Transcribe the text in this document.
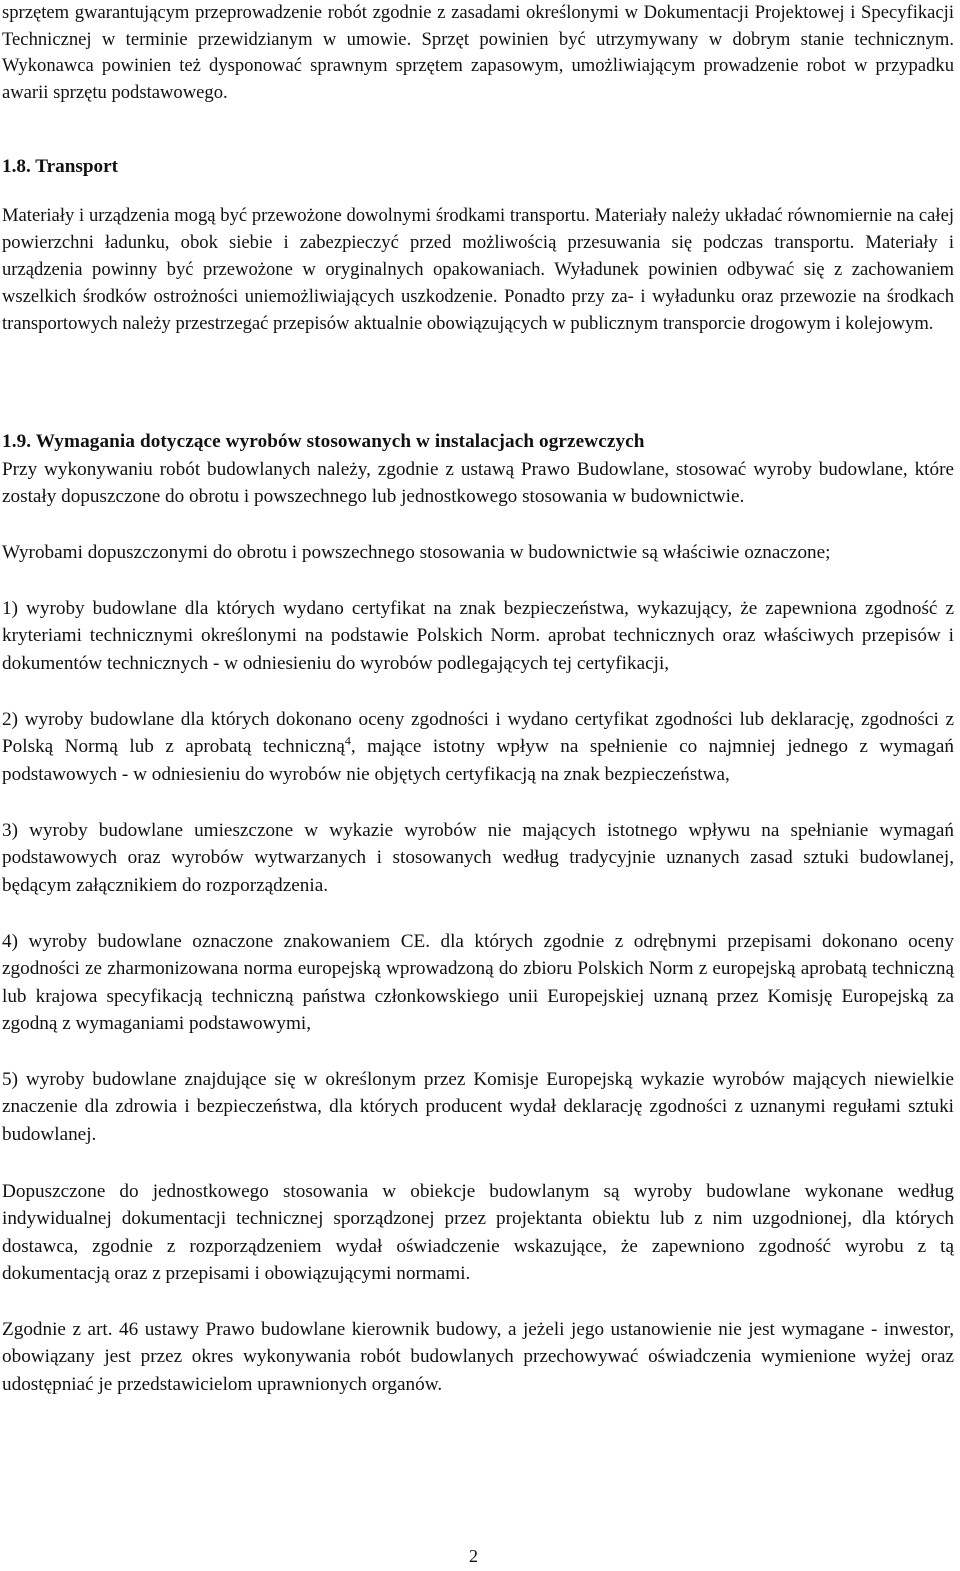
sprzętem gwarantującym przeprowadzenie robót zgodnie z zasadami określonymi w Dokumentacji Projektowej i Specyfikacji Technicznej w terminie przewidzianym w umowie. Sprzęt powinien być utrzymywany w dobrym stanie technicznym. Wykonawca powinien też dysponować sprawnym sprzętem zapasowym, umożliwiającym prowadzenie robot w przypadku awarii sprzętu podstawowego.

1.8. Transport

Materiały i urządzenia mogą być przewożone dowolnymi środkami transportu. Materiały należy układać równomiernie na całej powierzchni ładunku, obok siebie i zabezpieczyć przed możliwością przesuwania się podczas transportu. Materiały i urządzenia powinny być przewożone w oryginalnych opakowaniach. Wyładunek powinien odbywać się z zachowaniem wszelkich środków ostrożności uniemożliwiających uszkodzenie. Ponadto przy za- i wyładunku oraz przewozie na środkach transportowych należy przestrzegać przepisów aktualnie obowiązujących w publicznym transporcie drogowym i kolejowym.

1.9. Wymagania dotyczące wyrobów stosowanych w instalacjach ogrzewczych

Przy wykonywaniu robót budowlanych należy, zgodnie z ustawą Prawo Budowlane, stosować wyroby budowlane, które zostały dopuszczone do obrotu i powszechnego lub jednostkowego stosowania w budownictwie.

Wyrobami dopuszczonymi do obrotu i powszechnego stosowania w budownictwie są właściwie oznaczone;

1) wyroby budowlane dla których wydano certyfikat na znak bezpieczeństwa, wykazujący, że zapewniona zgodność z kryteriami technicznymi określonymi na podstawie Polskich Norm. aprobat technicznych oraz właściwych przepisów i dokumentów technicznych - w odniesieniu do wyrobów podlegających tej certyfikacji,

2) wyroby budowlane dla których dokonano oceny zgodności i wydano certyfikat zgodności lub deklarację, zgodności z Polską Normą lub z aprobatą techniczną$^4$, mające istotny wpływ na spełnienie co najmniej jednego z wymagań podstawowych - w odniesieniu do wyrobów nie objętych certyfikacją na znak bezpieczeństwa,

3) wyroby budowlane umieszczone w wykazie wyrobów nie mających istotnego wpływu na spełnianie wymagań podstawowych oraz wyrobów wytwarzanych i stosowanych według tradycyjnie uznanych zasad sztuki budowlanej, będącym załącznikiem do rozporządzenia.

4) wyroby budowlane oznaczone znakowaniem CE. dla których zgodnie z odrębnymi przepisami dokonano oceny zgodności ze zharmonizowana norma europejską wprowadzoną do zbioru Polskich Norm z europejską aprobatą techniczną lub krajowa specyfikacją techniczną państwa członkowskiego unii Europejskiej uznaną przez Komisję Europejską za zgodną z wymaganiami podstawowymi,

5) wyroby budowlane znajdujące się w określonym przez Komisje Europejską wykazie wyrobów mających niewielkie znaczenie dla zdrowia i bezpieczeństwa, dla których producent wydał deklarację zgodności z uznanymi regułami sztuki budowlanej.

Dopuszczone do jednostkowego stosowania w obiekcje budowlanym są wyroby budowlane wykonane według indywidualnej dokumentacji technicznej sporządzonej przez projektanta obiektu lub z nim uzgodnionej, dla których dostawca, zgodnie z rozporządzeniem wydał oświadczenie wskazujące, że zapewniono zgodność wyrobu z tą dokumentacją oraz z przepisami i obowiązującymi normami.

Zgodnie z art. 46 ustawy Prawo budowlane kierownik budowy, a jeżeli jego ustanowienie nie jest wymagane - inwestor, obowiązany jest przez okres wykonywania robót budowlanych przechowywać oświadczenia wymienione wyżej oraz udostępniać je przedstawicielom uprawnionych organów.

2
